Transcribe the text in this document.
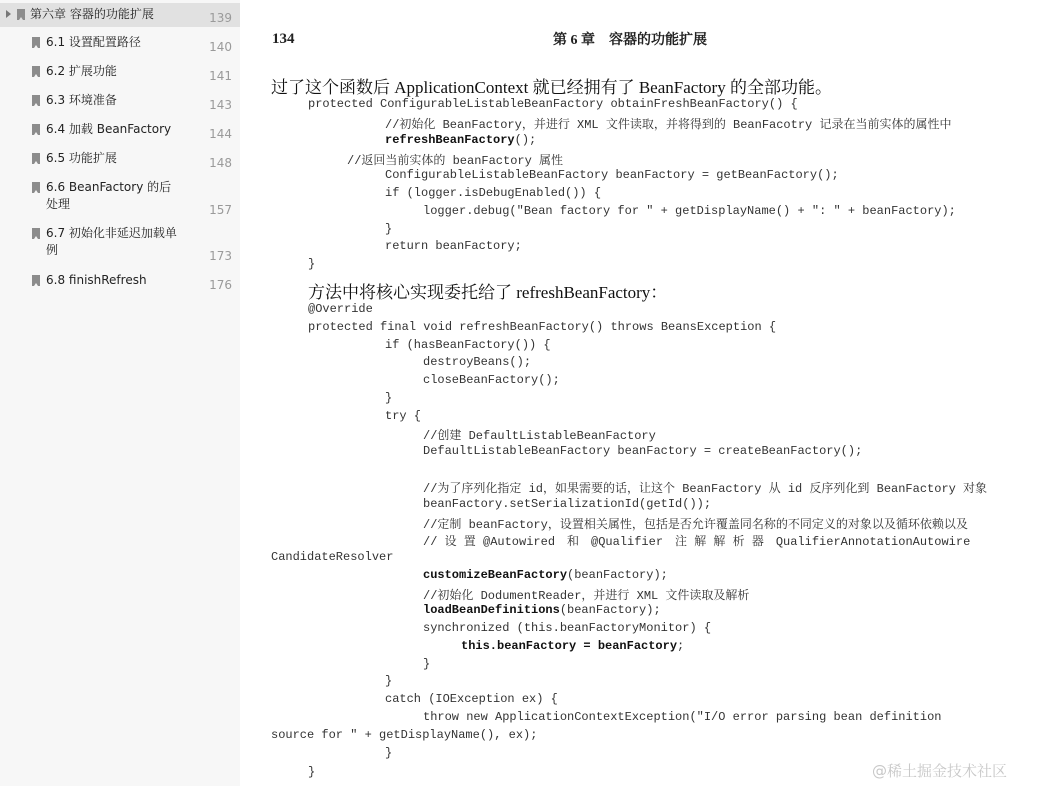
第六章 容器的功能扩展	139
6.1 设置配置路径	140
6.2 扩展功能	141
6.3 环境准备	143
6.4 加载 BeanFactory	144
6.5 功能扩展	148
6.6 BeanFactory 的后
处理	157
6.7 初始化非延迟加载单
例	173
6.8 finishRefresh	176
134	第 6 章　容器的功能扩展
过了这个函数后 ApplicationContext 就已经拥有了 BeanFactory 的全部功能。
protected ConfigurableListableBeanFactory obtainFreshBeanFactory() {
//初始化 BeanFactory，并进行 XML 文件读取，并将得到的 BeanFacotry 记录在当前实体的属性中
refreshBeanFactory();
//返回当前实体的 beanFactory 属性
ConfigurableListableBeanFactory beanFactory = getBeanFactory();
if (logger.isDebugEnabled()) {
logger.debug("Bean factory for " + getDisplayName() + ": " + beanFactory);
}
return beanFactory;
}
方法中将核心实现委托给了 refreshBeanFactory：
@Override
protected final void refreshBeanFactory() throws BeansException {
if (hasBeanFactory()) {
destroyBeans();
closeBeanFactory();
}
try {
//创建 DefaultListableBeanFactory
DefaultListableBeanFactory beanFactory = createBeanFactory();
//为了序列化指定 id，如果需要的话，让这个 BeanFactory 从 id 反序列化到 BeanFactory 对象
beanFactory.setSerializationId(getId());
//定制 beanFactory，设置相关属性，包括是否允许覆盖同名称的不同定义的对象以及循环依赖以及
// 设 置 @Autowired　和　@Qualifier　注 解 解 析 器　QualifierAnnotationAutowire
CandidateResolver
customizeBeanFactory(beanFactory);
//初始化 DodumentReader，并进行 XML 文件读取及解析
loadBeanDefinitions(beanFactory);
synchronized (this.beanFactoryMonitor) {
this.beanFactory = beanFactory;
}
}
catch (IOException ex) {
throw new ApplicationContextException("I/O error parsing bean definition
source for " + getDisplayName(), ex);
}
}	@稀土掘金技术社区
